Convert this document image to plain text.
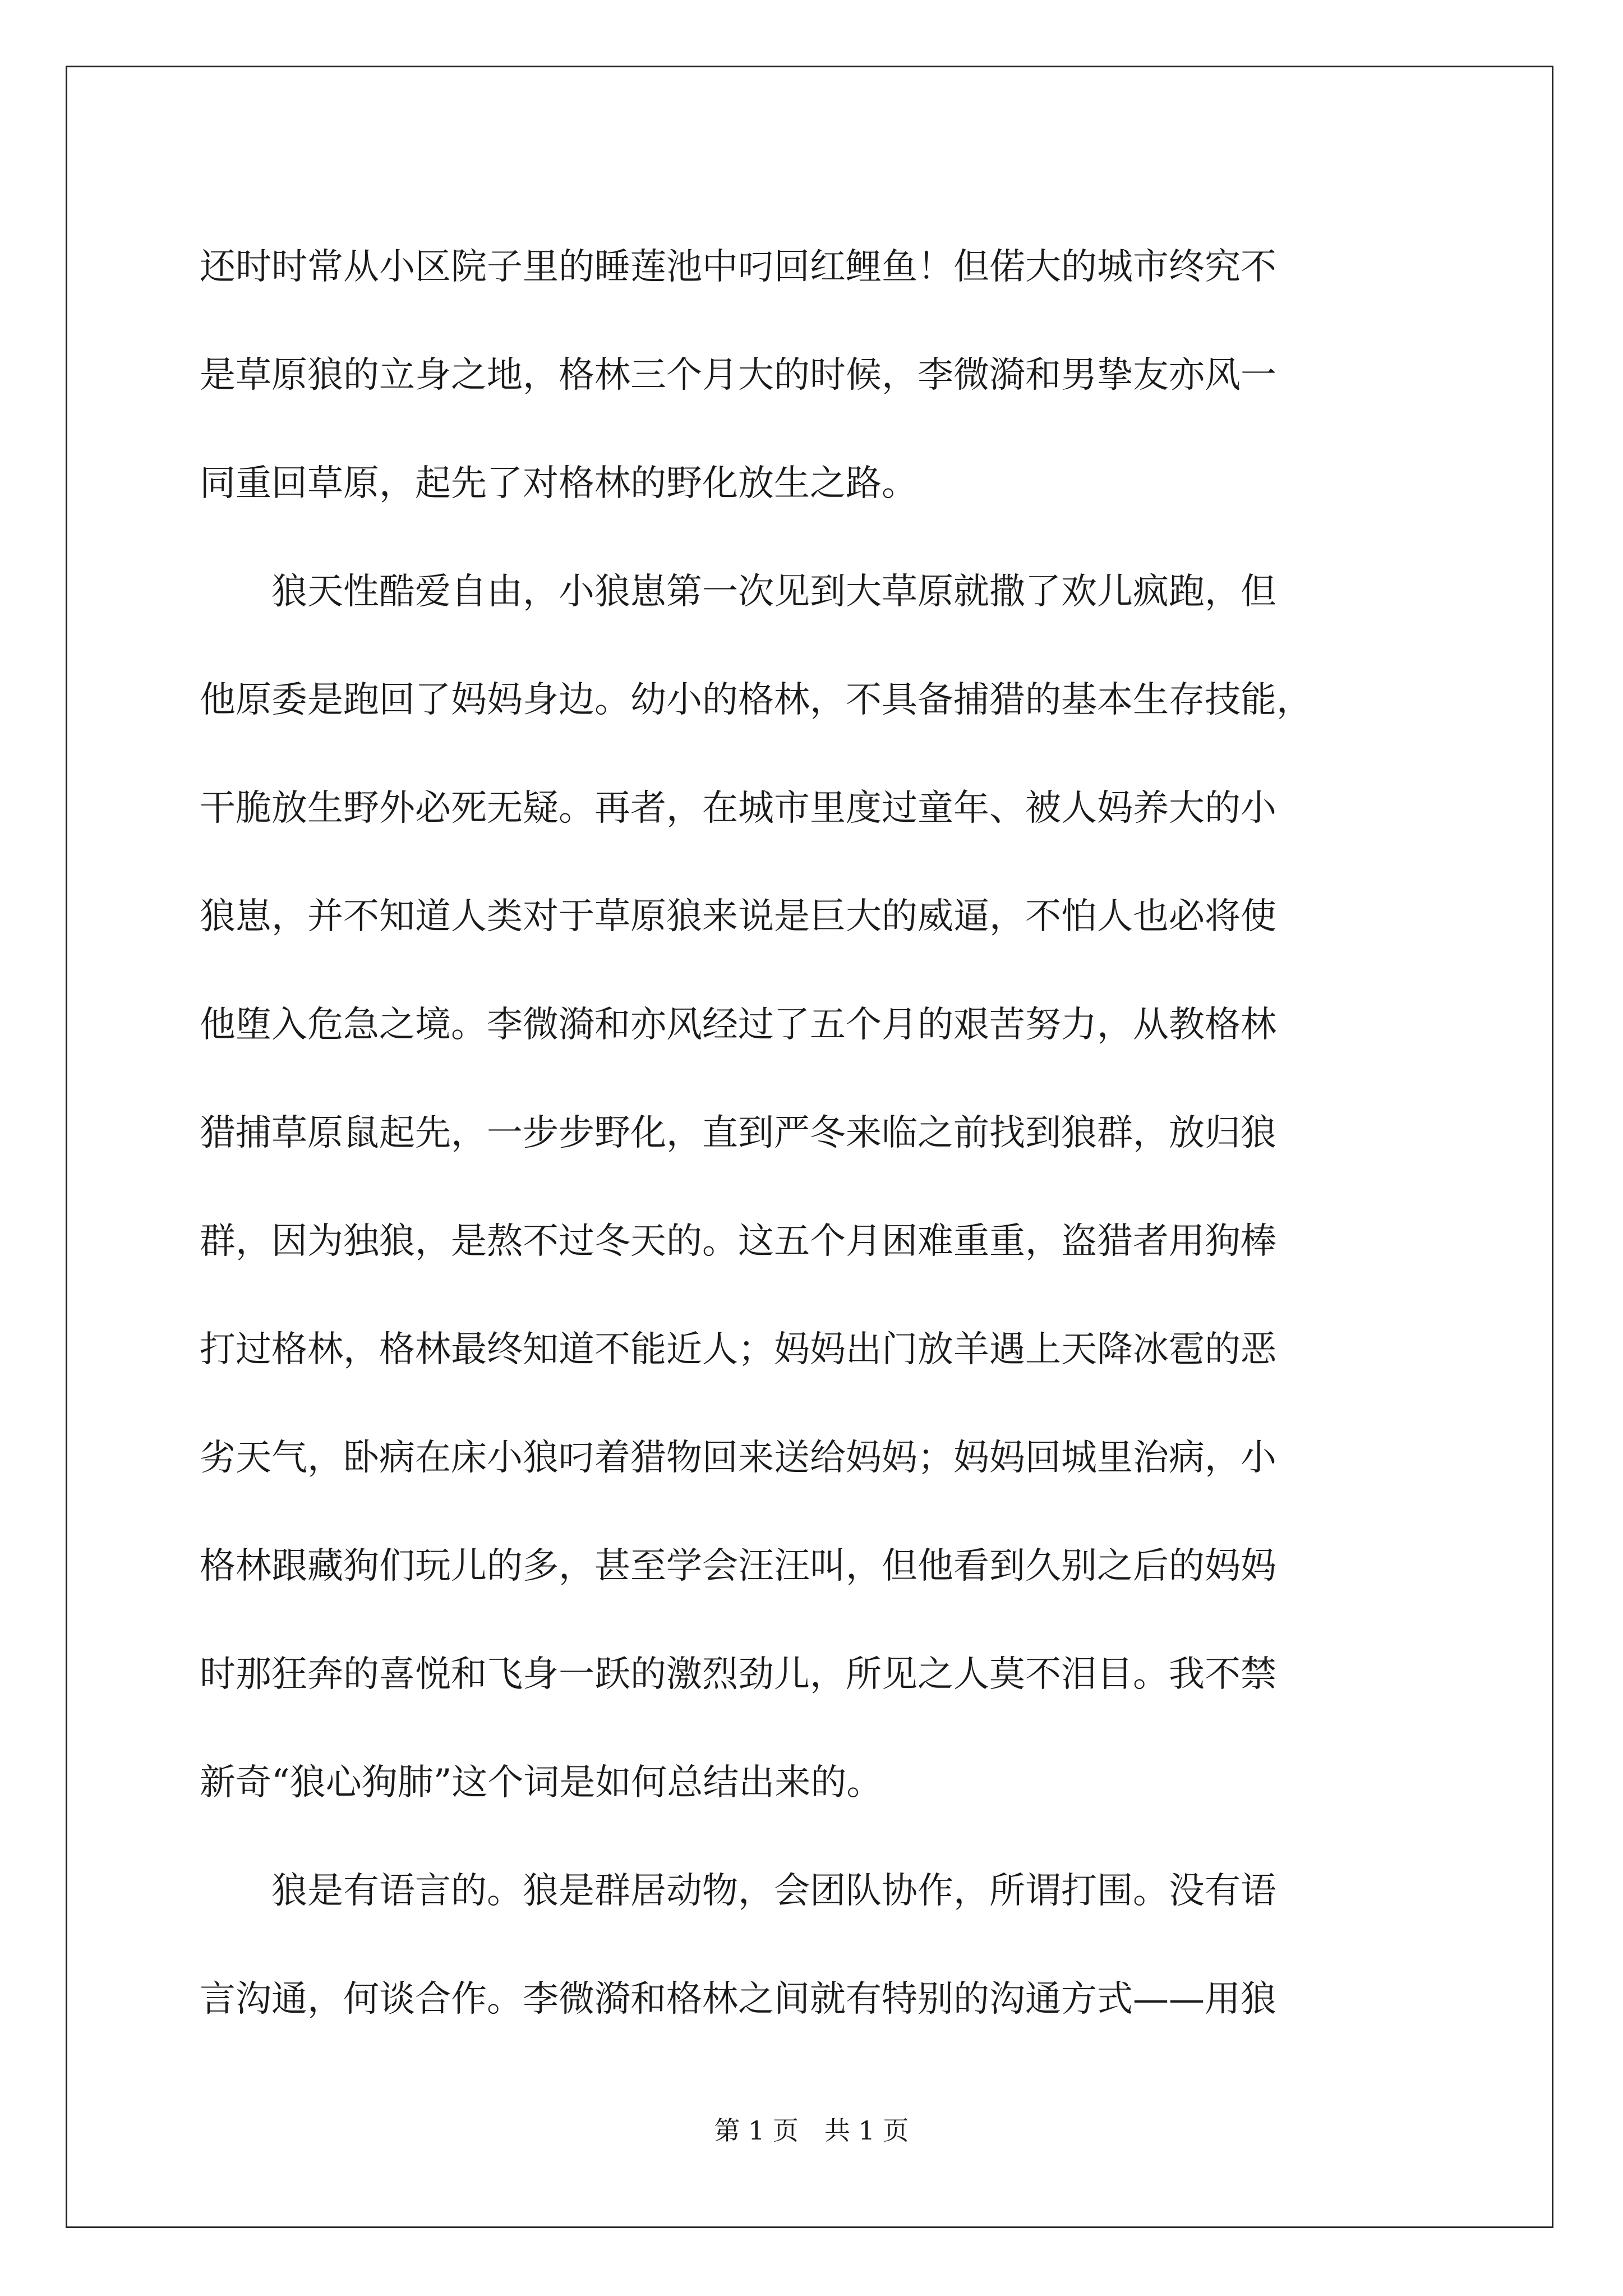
还时时常从小区院子里的睡莲池中叼回红鲤鱼！但偌大的城市终究不
是草原狼的立身之地，格林三个月大的时候，李微漪和男挚友亦风一
同重回草原，起先了对格林的野化放生之路。
　　狼天性酷爱自由，小狼崽第一次见到大草原就撒了欢儿疯跑，但
他原委是跑回了妈妈身边。幼小的格林，不具备捕猎的基本生存技能，
干脆放生野外必死无疑。再者，在城市里度过童年、被人妈养大的小
狼崽，并不知道人类对于草原狼来说是巨大的威逼，不怕人也必将使
他堕入危急之境。李微漪和亦风经过了五个月的艰苦努力，从教格林
猎捕草原鼠起先，一步步野化，直到严冬来临之前找到狼群，放归狼
群，因为独狼，是熬不过冬天的。这五个月困难重重，盗猎者用狗棒
打过格林，格林最终知道不能近人；妈妈出门放羊遇上天降冰雹的恶
劣天气，卧病在床小狼叼着猎物回来送给妈妈；妈妈回城里治病，小
格林跟藏狗们玩儿的多，甚至学会汪汪叫，但他看到久别之后的妈妈
时那狂奔的喜悦和飞身一跃的激烈劲儿，所见之人莫不泪目。我不禁
新奇“狼心狗肺”这个词是如何总结出来的。
　　狼是有语言的。狼是群居动物，会团队协作，所谓打围。没有语
言沟通，何谈合作。李微漪和格林之间就有特别的沟通方式——用狼
第 1 页　共 1 页
